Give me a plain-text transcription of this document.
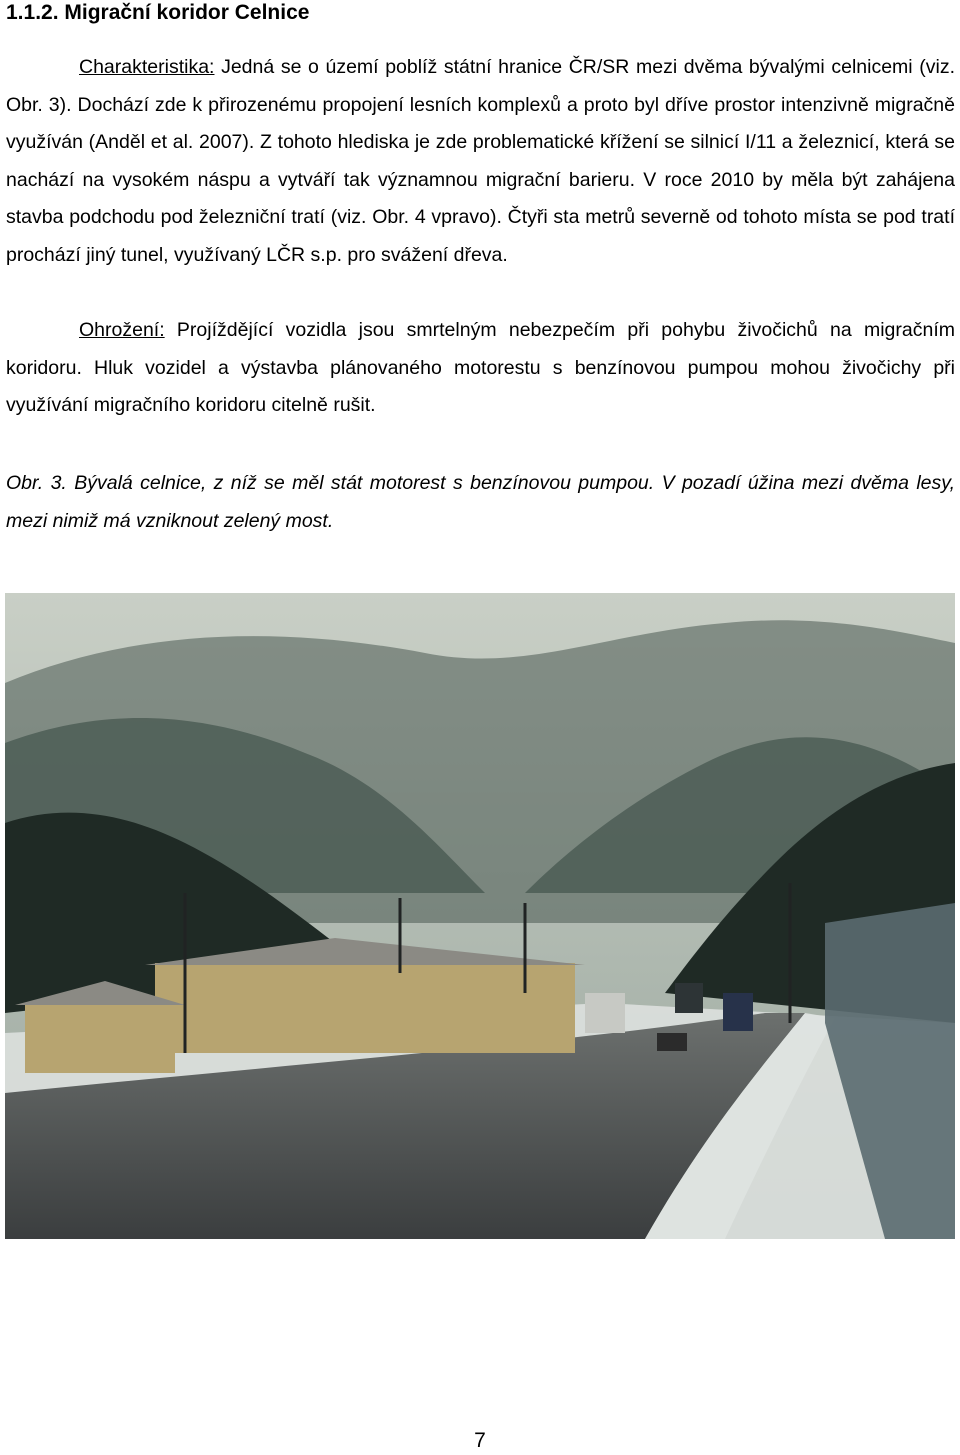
1.1.2. Migrační koridor Celnice

Charakteristika: Jedná se o území poblíž státní hranice ČR/SR mezi dvěma bývalými celnicemi (viz. Obr. 3). Dochází zde k přirozenému propojení lesních komplexů a proto byl dříve prostor intenzivně migračně využíván (Anděl et al. 2007). Z tohoto hlediska je zde problematické křížení se silnicí I/11 a železnicí, která se nachází na vysokém náspu a vytváří tak významnou migrační barieru. V roce 2010 by měla být zahájena stavba podchodu pod železniční tratí (viz. Obr. 4 vpravo). Čtyři sta metrů severně od tohoto místa se pod tratí prochází jiný tunel, využívaný LČR s.p. pro svážení dřeva.

Ohrožení: Projíždějící vozidla jsou smrtelným nebezpečím při pohybu živočichů na migračním koridoru. Hluk vozidel a výstavba plánovaného motorestu s benzínovou pumpou mohou živočichy při využívání migračního koridoru citelně rušit.

Obr. 3. Bývalá celnice, z níž se měl stát motorest s benzínovou pumpou. V pozadí úžina mezi dvěma lesy, mezi nimiž má vzniknout zelený most.

7
